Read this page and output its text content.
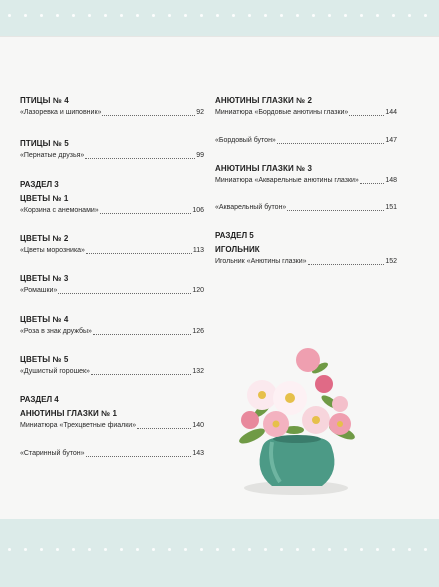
ПТИЦЫ № 4
«Лазоревка и шиповник»	92
ПТИЦЫ № 5
«Пернатые друзья»	99
РАЗДЕЛ 3
ЦВЕТЫ № 1
«Корзина с анемонами»	106
ЦВЕТЫ № 2
«Цветы морозника»	113
ЦВЕТЫ № 3
«Ромашки»	120
ЦВЕТЫ № 4
«Роза в знак дружбы»	126
ЦВЕТЫ № 5
«Душистый горошек»	132
РАЗДЕЛ 4
АНЮТИНЫ ГЛАЗКИ № 1
Миниатюра «Трехцветные фиалки»	140
«Старинный бутон»	143
АНЮТИНЫ ГЛАЗКИ № 2
Миниатюра «Бордовые анютины глазки»	144
«Бордовый бутон»	147
АНЮТИНЫ ГЛАЗКИ № 3
Миниатюра «Акварельные анютины глазки»	148
«Акварельный бутон»	151
РАЗДЕЛ 5
ИГОЛЬНИК
Игольник «Анютины глазки»	152
